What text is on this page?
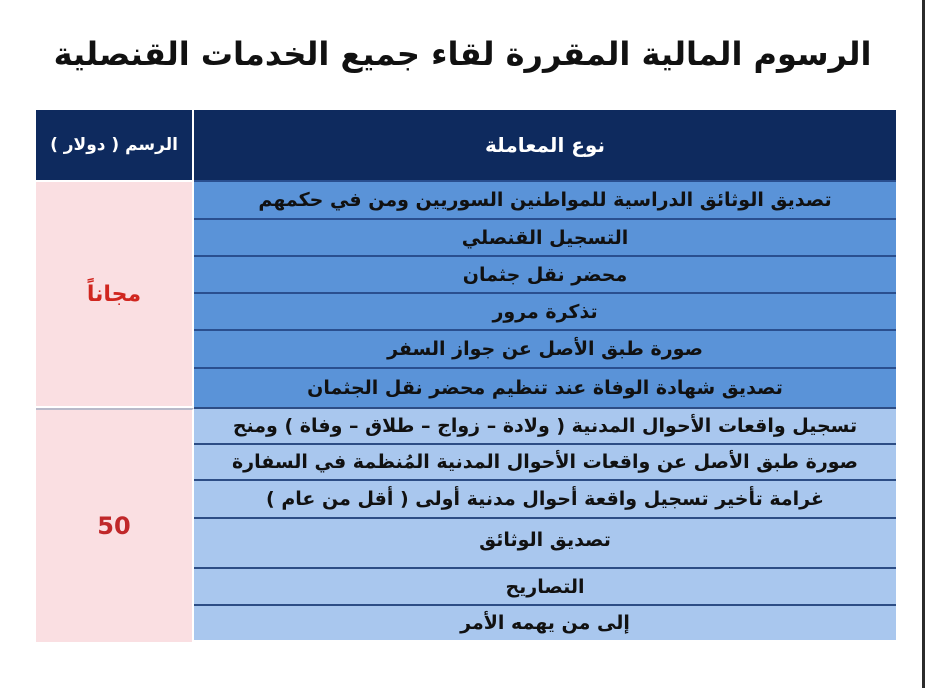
الرسوم المالية المقررة لقاء جميع الخدمات القنصلية
الرسم ( دولار )
مجاناً
50
نوع المعاملة
تصديق الوثائق الدراسية للمواطنين السوريين ومن في حكمهم
التسجيل القنصلي
محضر نقل جثمان
تذكرة مرور
صورة طبق الأصل عن جواز السفر
تصديق شهادة الوفاة عند تنظيم محضر نقل الجثمان
تسجيل واقعات الأحوال المدنية ( ولادة – زواج – طلاق – وفاة ) ومنح
صورة طبق الأصل عن واقعات الأحوال المدنية المُنظمة في السفارة
غرامة تأخير تسجيل واقعة أحوال مدنية أولى ( أقل من عام )
تصديق الوثائق
التصاريح
إلى من يهمه الأمر
